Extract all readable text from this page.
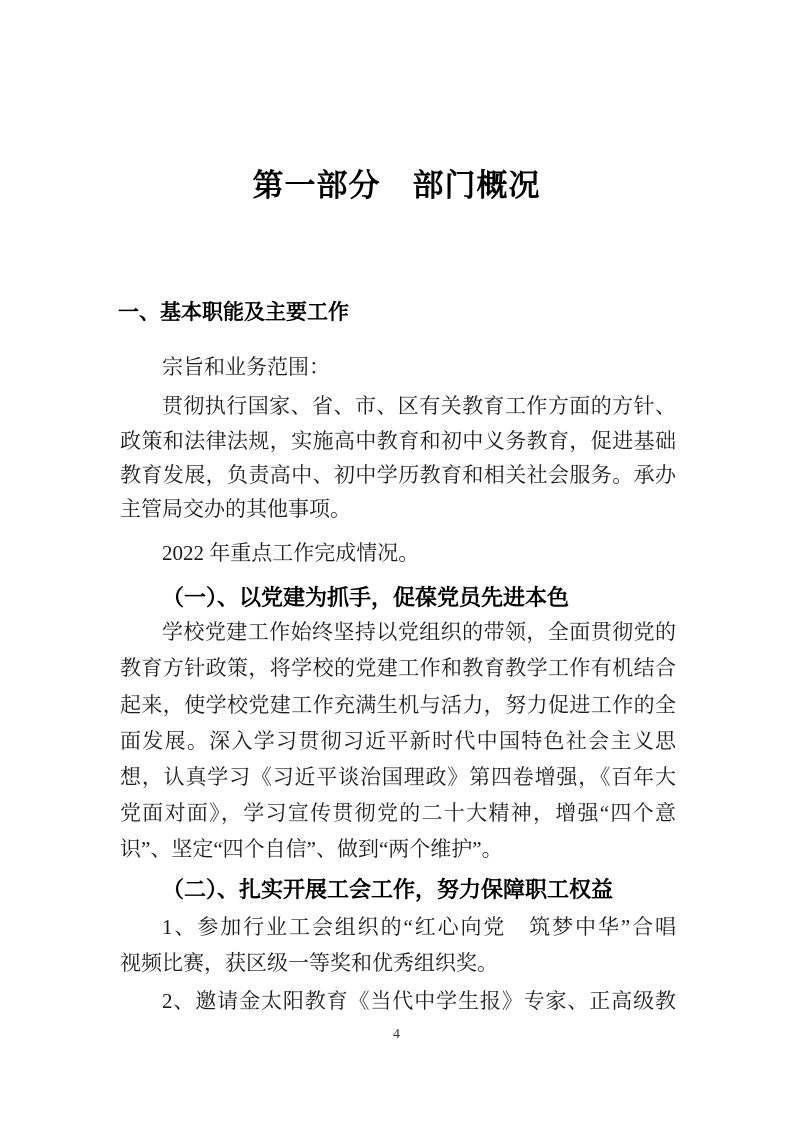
第一部分　部门概况
一、基本职能及主要工作
宗旨和业务范围：
贯彻执行国家、省、市、区有关教育工作方面的方针、
政策和法律法规，实施高中教育和初中义务教育，促进基础
教育发展，负责高中、初中学历教育和相关社会服务。承办
主管局交办的其他事项。
2022 年重点工作完成情况。
（一）、以党建为抓手，促葆党员先进本色
学校党建工作始终坚持以党组织的带领，全面贯彻党的
教育方针政策，将学校的党建工作和教育教学工作有机结合
起来，使学校党建工作充满生机与活力，努力促进工作的全
面发展。深入学习贯彻习近平新时代中国特色社会主义思
想，认真学习《习近平谈治国理政》第四卷增强，《百年大
党面对面》，学习宣传贯彻党的二十大精神，增强“四个意
识”、坚定“四个自信”、做到“两个维护”。
（二）、扎实开展工会工作，努力保障职工权益
1、参加行业工会组织的“红心向党　筑梦中华”合唱
视频比赛，获区级一等奖和优秀组织奖。
2、邀请金太阳教育《当代中学生报》专家、正高级教
4
